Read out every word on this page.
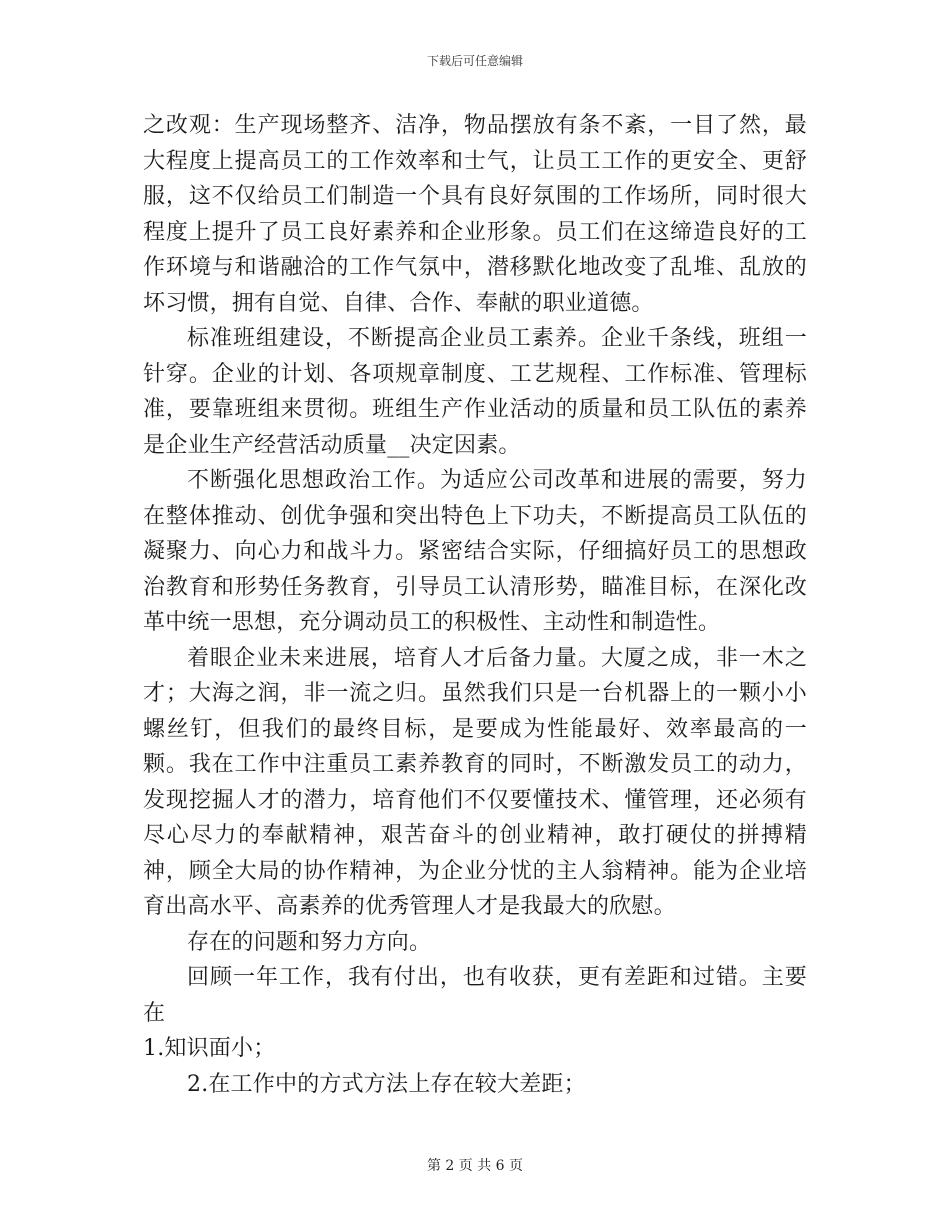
下载后可任意编辑

之改观：生产现场整齐、洁净，物品摆放有条不紊，一目了然，最大程度上提高员工的工作效率和士气，让员工工作的更安全、更舒服，这不仅给员工们制造一个具有良好氛围的工作场所，同时很大程度上提升了员工良好素养和企业形象。员工们在这缔造良好的工作环境与和谐融洽的工作气氛中，潜移默化地改变了乱堆、乱放的坏习惯，拥有自觉、自律、合作、奉献的职业道德。

标准班组建设，不断提高企业员工素养。企业千条线，班组一针穿。企业的计划、各项规章制度、工艺规程、工作标准、管理标准，要靠班组来贯彻。班组生产作业活动的质量和员工队伍的素养是企业生产经营活动质量__决定因素。

不断强化思想政治工作。为适应公司改革和进展的需要，努力在整体推动、创优争强和突出特色上下功夫，不断提高员工队伍的凝聚力、向心力和战斗力。紧密结合实际，仔细搞好员工的思想政治教育和形势任务教育，引导员工认清形势，瞄准目标，在深化改革中统一思想，充分调动员工的积极性、主动性和制造性。

着眼企业未来进展，培育人才后备力量。大厦之成，非一木之才；大海之润，非一流之归。虽然我们只是一台机器上的一颗小小螺丝钉，但我们的最终目标，是要成为性能最好、效率最高的一颗。我在工作中注重员工素养教育的同时，不断激发员工的动力，发现挖掘人才的潜力，培育他们不仅要懂技术、懂管理，还必须有尽心尽力的奉献精神，艰苦奋斗的创业精神，敢打硬仗的拼搏精神，顾全大局的协作精神，为企业分忧的主人翁精神。能为企业培育出高水平、高素养的优秀管理人才是我最大的欣慰。

存在的问题和努力方向。

回顾一年工作，我有付出，也有收获，更有差距和过错。主要在

1.知识面小；

2.在工作中的方式方法上存在较大差距；

第 2 页 共 6 页
